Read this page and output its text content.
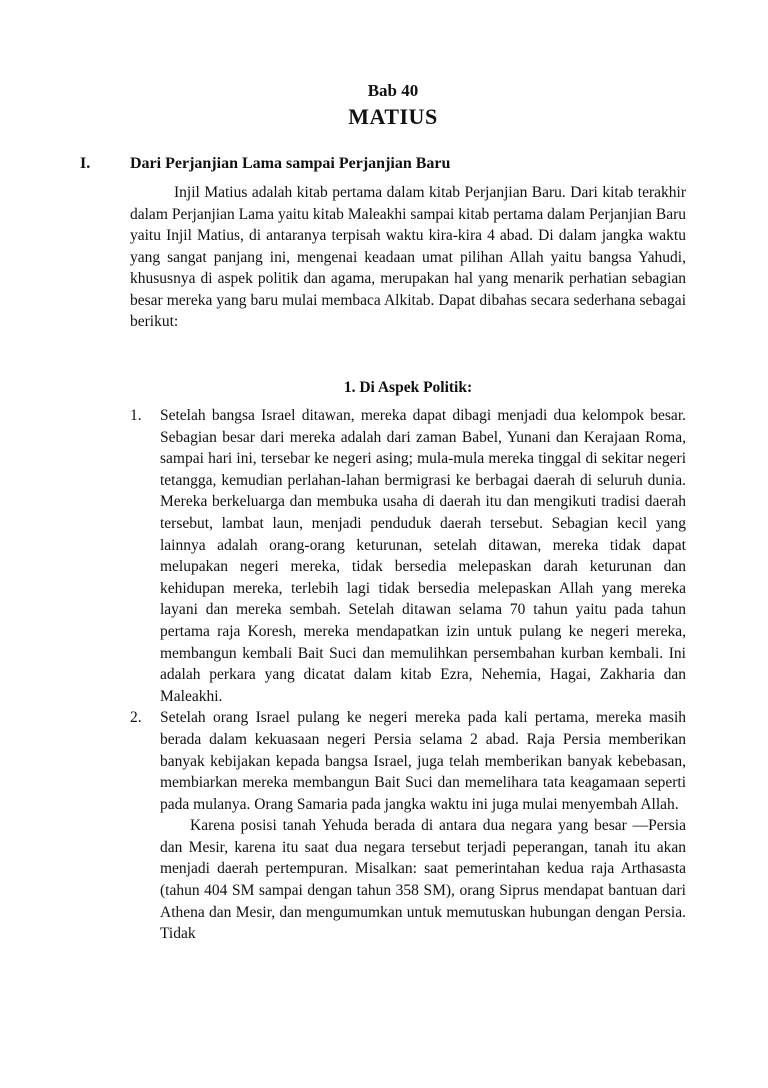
Bab 40
MATIUS
I. Dari Perjanjian Lama sampai Perjanjian Baru

Injil Matius adalah kitab pertama dalam kitab Perjanjian Baru. Dari kitab terakhir dalam Perjanjian Lama yaitu kitab Maleakhi sampai kitab pertama dalam Perjanjian Baru yaitu Injil Matius, di antaranya terpisah waktu kira-kira 4 abad. Di dalam jangka waktu yang sangat panjang ini, mengenai keadaan umat pilihan Allah yaitu bangsa Yahudi, khususnya di aspek politik dan agama, merupakan hal yang menarik perhatian sebagian besar mereka yang baru mulai membaca Alkitab. Dapat dibahas secara sederhana sebagai berikut:

1. Di Aspek Politik:
1. Setelah bangsa Israel ditawan, mereka dapat dibagi menjadi dua kelompok besar. Sebagian besar dari mereka adalah dari zaman Babel, Yunani dan Kerajaan Roma, sampai hari ini, tersebar ke negeri asing; mula-mula mereka tinggal di sekitar negeri tetangga, kemudian perlahan-lahan bermigrasi ke berbagai daerah di seluruh dunia. Mereka berkeluarga dan membuka usaha di daerah itu dan mengikuti tradisi daerah tersebut, lambat laun, menjadi penduduk daerah tersebut. Sebagian kecil yang lainnya adalah orang-orang keturunan, setelah ditawan, mereka tidak dapat melupakan negeri mereka, tidak bersedia melepaskan darah keturunan dan kehidupan mereka, terlebih lagi tidak bersedia melepaskan Allah yang mereka layani dan mereka sembah. Setelah ditawan selama 70 tahun yaitu pada tahun pertama raja Koresh, mereka mendapatkan izin untuk pulang ke negeri mereka, membangun kembali Bait Suci dan memulihkan persembahan kurban kembali. Ini adalah perkara yang dicatat dalam kitab Ezra, Nehemia, Hagai, Zakharia dan Maleakhi.

2. Setelah orang Israel pulang ke negeri mereka pada kali pertama, mereka masih berada dalam kekuasaan negeri Persia selama 2 abad. Raja Persia memberikan banyak kebijakan kepada bangsa Israel, juga telah memberikan banyak kebebasan, membiarkan mereka membangun Bait Suci dan memelihara tata keagamaan seperti pada mulanya. Orang Samaria pada jangka waktu ini juga mulai menyembah Allah.

Karena posisi tanah Yehuda berada di antara dua negara yang besar —Persia dan Mesir, karena itu saat dua negara tersebut terjadi peperangan, tanah itu akan menjadi daerah pertempuran. Misalkan: saat pemerintahan kedua raja Arthasasta (tahun 404 SM sampai dengan tahun 358 SM), orang Siprus mendapat bantuan dari Athena dan Mesir, dan mengumumkan untuk memutuskan hubungan dengan Persia. Tidak
